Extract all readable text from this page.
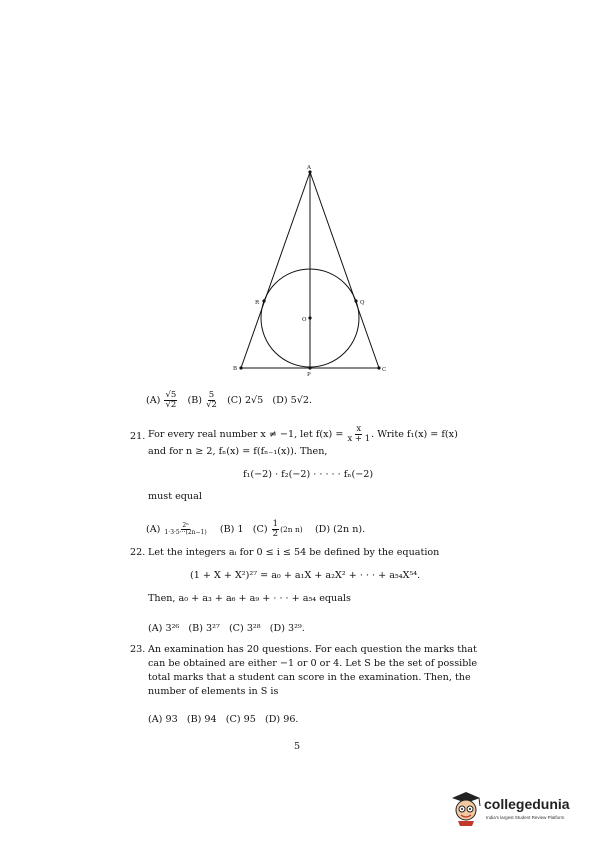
A
B	C
P
Q
R
O
$(A) \frac{√5}{√2} (B) \frac{5}{√2} (C)$ 2√5 (D) 5√2.
21. For every real number x ≠ −1, let $f(x) = \frac{x}{x + 1}$ . Write f₁(x) = f(x)
and for n ≥ 2, fₙ(x) = f(fₙ₋₁(x)). Then,
f₁(−2) · f₂(−2) · · · · · fₙ(−2)
must equal
$(A) \frac{\text{2ⁿ}}{1\cdot 3\cdot 5\cdot\cdot\cdot(2n-1)} (B)$ 1 $(C) \frac{1}{2} (2n$ n) (D) (2n n).
22. Let the integers aᵢ for 0 ≤ i ≤ 54 be defined by the equation
(1 + X + X²)²⁷ = a₀ + a₁X + a₂X² + · · · + a₅₄X⁵⁴.
Then, a₀ + a₃ + a₆ + a₉ + · · · + a₅₄ equals
(A) 3²⁶   (B) 3²⁷   (C) 3²⁸   (D) 3²⁹.
23. An examination has 20 questions. For each question the marks that
can be obtained are either −1 or 0 or 4. Let S be the set of possible
total marks that a student can score in the examination. Then, the
number of elements in S is
(A) 93   (B) 94   (C) 95   (D) 96.
5
collegedunia
India's largest Student Review Platform
